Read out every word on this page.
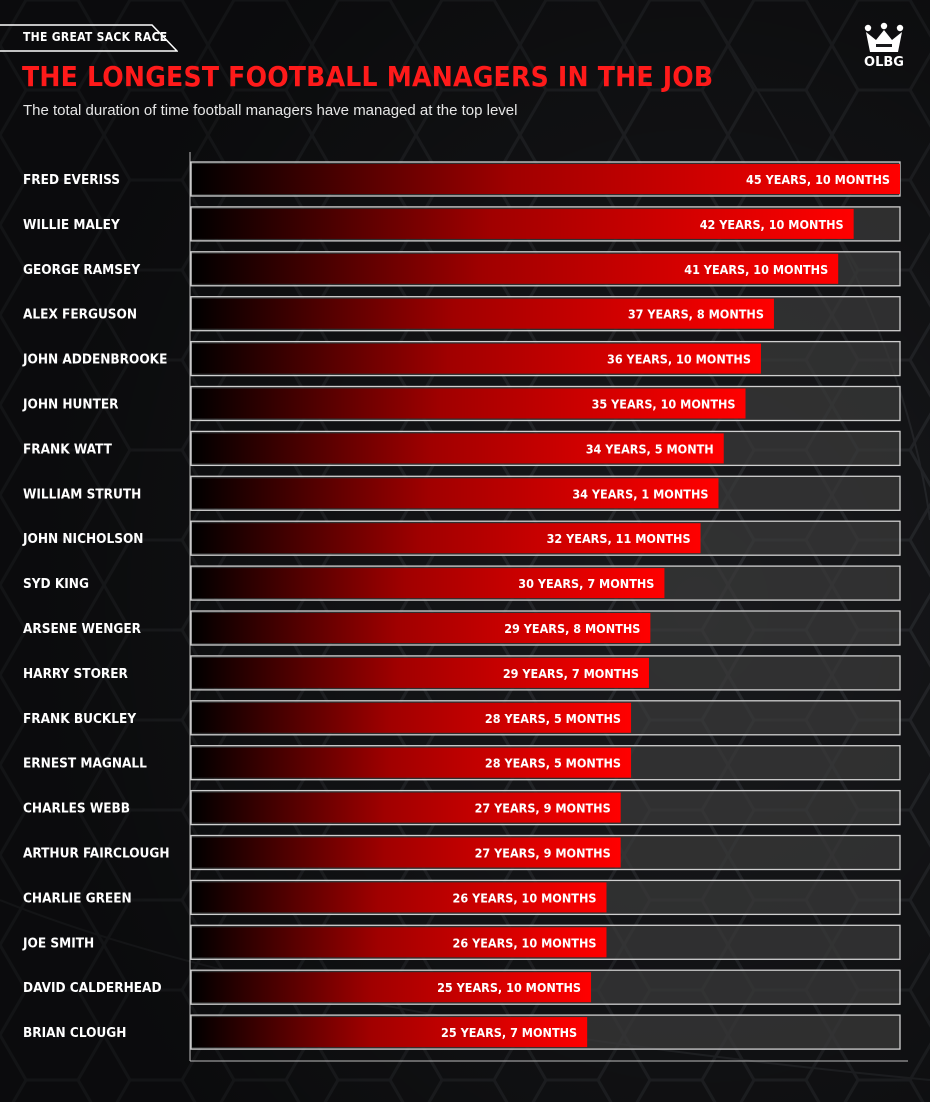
THE GREAT SACK RACE
THE LONGEST FOOTBALL MANAGERS IN THE JOB
The total duration of time football managers have managed at the top level
OLBG
FRED EVERISS	45 YEARS, 10 MONTHS
WILLIE MALEY	42 YEARS, 10 MONTHS
GEORGE RAMSEY	41 YEARS, 10 MONTHS
ALEX FERGUSON	37 YEARS, 8 MONTHS
JOHN ADDENBROOKE	36 YEARS, 10 MONTHS
JOHN HUNTER	35 YEARS, 10 MONTHS
FRANK WATT	34 YEARS, 5 MONTH
WILLIAM STRUTH	34 YEARS, 1 MONTHS
JOHN NICHOLSON	32 YEARS, 11 MONTHS
SYD KING	30 YEARS, 7 MONTHS
ARSENE WENGER	29 YEARS, 8 MONTHS
HARRY STORER	29 YEARS, 7 MONTHS
FRANK BUCKLEY	28 YEARS, 5 MONTHS
ERNEST MAGNALL	28 YEARS, 5 MONTHS
CHARLES WEBB	27 YEARS, 9 MONTHS
ARTHUR FAIRCLOUGH	27 YEARS, 9 MONTHS
CHARLIE GREEN	26 YEARS, 10 MONTHS
JOE SMITH	26 YEARS, 10 MONTHS
DAVID CALDERHEAD	25 YEARS, 10 MONTHS
BRIAN CLOUGH	25 YEARS, 7 MONTHS
